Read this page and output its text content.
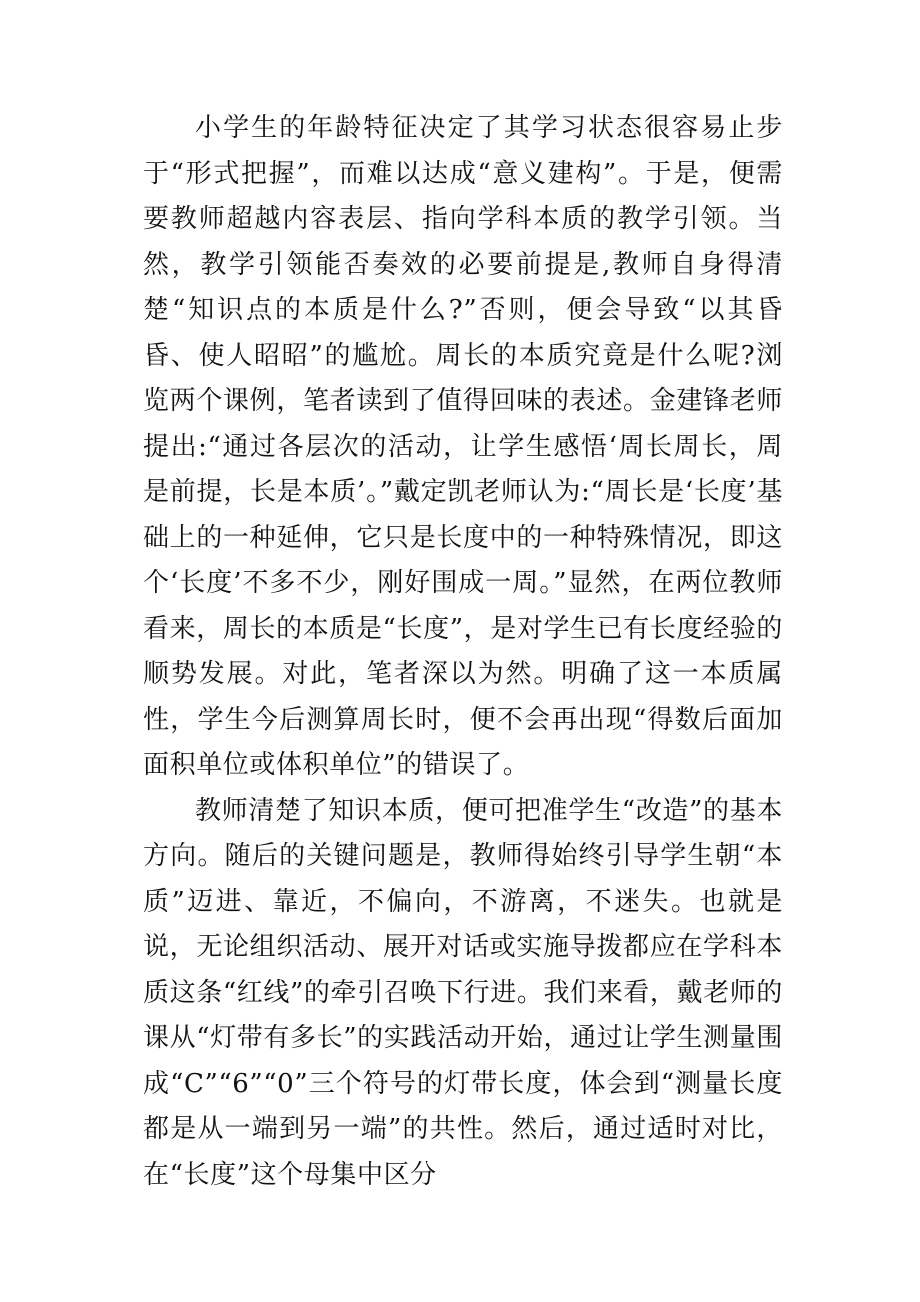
小学生的年龄特征决定了其学习状态很容易止步于“形式把握”，而难以达成“意义建构”。于是，便需要教师超越内容表层、指向学科本质的教学引领。当然，教学引领能否奏效的必要前提是,教师自身得清楚“知识点的本质是什么?”否则，便会导致“以其昏昏、使人昭昭”的尴尬。周长的本质究竟是什么呢?浏览两个课例，笔者读到了值得回味的表述。金建锋老师提出:“通过各层次的活动，让学生感悟‘周长周长，周是前提，长是本质’。”戴定凯老师认为:“周长是‘长度’基础上的一种延伸，它只是长度中的一种特殊情况，即这个‘长度’不多不少，刚好围成一周。”显然，在两位教师看来，周长的本质是“长度”，是对学生已有长度经验的顺势发展。对此，笔者深以为然。明确了这一本质属性，学生今后测算周长时，便不会再出现“得数后面加面积单位或体积单位”的错误了。

教师清楚了知识本质，便可把准学生“改造”的基本方向。随后的关键问题是，教师得始终引导学生朝“本质”迈进、靠近，不偏向，不游离，不迷失。也就是说，无论组织活动、展开对话或实施导拨都应在学科本质这条“红线”的牵引召唤下行进。我们来看，戴老师的课从“灯带有多长”的实践活动开始，通过让学生测量围成“C”“6”“0”三个符号的灯带长度，体会到“测量长度都是从一端到另一端”的共性。然后，通过适时对比，在“长度”这个母集中区分
